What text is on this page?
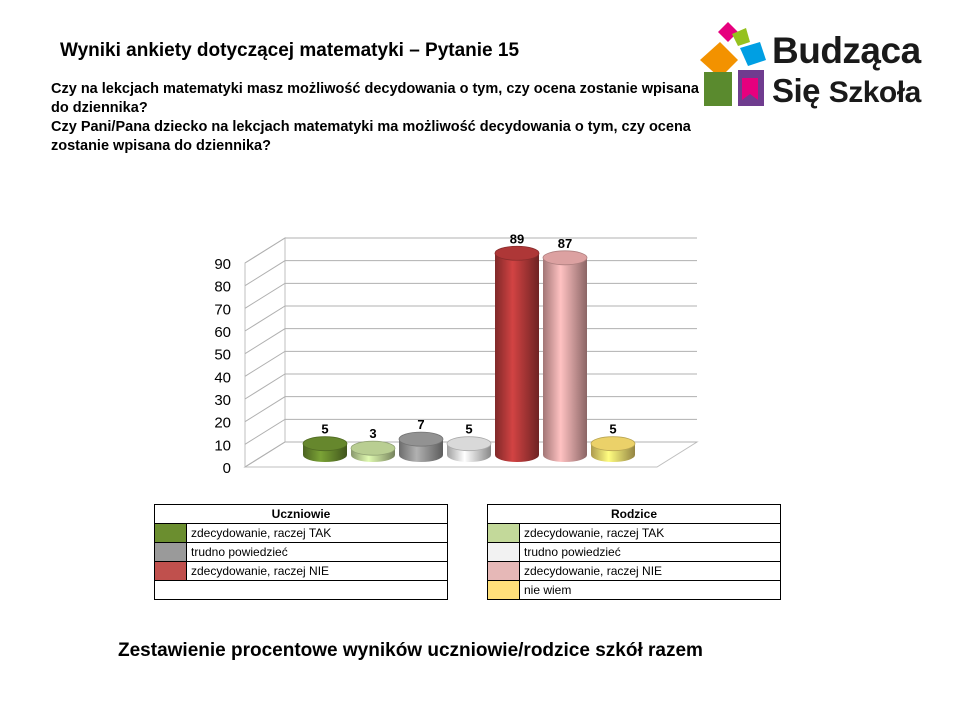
Wyniki ankiety dotyczącej matematyki – Pytanie 15
Czy na lekcjach matematyki masz możliwość decydowania o tym, czy ocena zostanie wpisana do dziennika?
Czy Pani/Pana dziecko na lekcjach matematyki ma możliwość decydowania o tym, czy ocena zostanie wpisana do dziennika?
Budząca
Się Szkoła
0
10
20
30
40
50
60
70
80
90
5	3
7	5
89	87
5
Uczniowie	
	zdecydowanie, raczej TAK
	trudno powiedzieć
	zdecydowanie, raczej NIE

Rodzice	
	zdecydowanie, raczej TAK
	trudno powiedzieć
	zdecydowanie, raczej NIE
	nie wiem
Zestawienie procentowe wyników uczniowie/rodzice szkół razem
